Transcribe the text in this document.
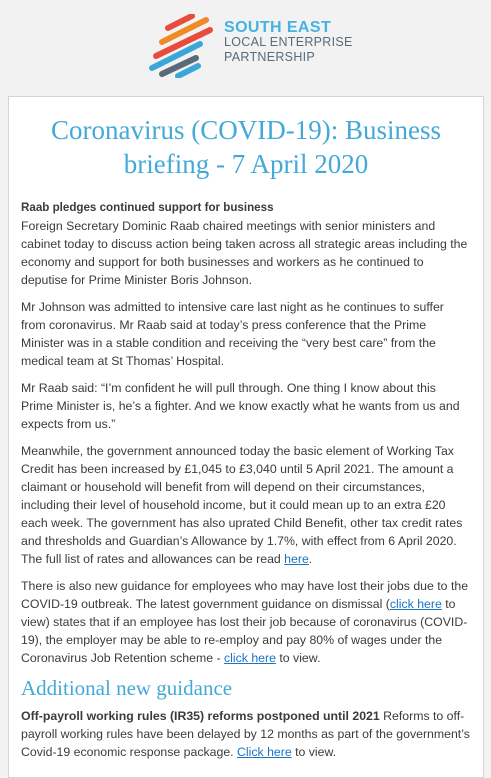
SOUTH EAST
LOCAL ENTERPRISE
PARTNERSHIP
Coronavirus (COVID-19): Business briefing - 7 April 2020

Raab pledges continued support for business

Foreign Secretary Dominic Raab chaired meetings with senior ministers and cabinet today to discuss action being taken across all strategic areas including the economy and support for both businesses and workers as he continued to deputise for Prime Minister Boris Johnson.

Mr Johnson was admitted to intensive care last night as he continues to suffer from coronavirus. Mr Raab said at today’s press conference that the Prime Minister was in a stable condition and receiving the “very best care” from the medical team at St Thomas’ Hospital.

Mr Raab said: “I’m confident he will pull through. One thing I know about this Prime Minister is, he’s a fighter. And we know exactly what he wants from us and expects from us.”

Meanwhile, the government announced today the basic element of Working Tax Credit has been increased by £1,045 to £3,040 until 5 April 2021. The amount a claimant or household will benefit from will depend on their circumstances, including their level of household income, but it could mean up to an extra £20 each week. The government has also uprated Child Benefit, other tax credit rates and thresholds and Guardian’s Allowance by 1.7%, with effect from 6 April 2020. The full list of rates and allowances can be read here.

There is also new guidance for employees who may have lost their jobs due to the COVID-19 outbreak. The latest government guidance on dismissal (click here to view) states that if an employee has lost their job because of coronavirus (COVID-19), the employer may be able to re-employ and pay 80% of wages under the Coronavirus Job Retention scheme - click here to view.

Additional new guidance

Off-payroll working rules (IR35) reforms postponed until 2021 Reforms to off-payroll working rules have been delayed by 12 months as part of the government’s Covid-19 economic response package. Click here to view.
